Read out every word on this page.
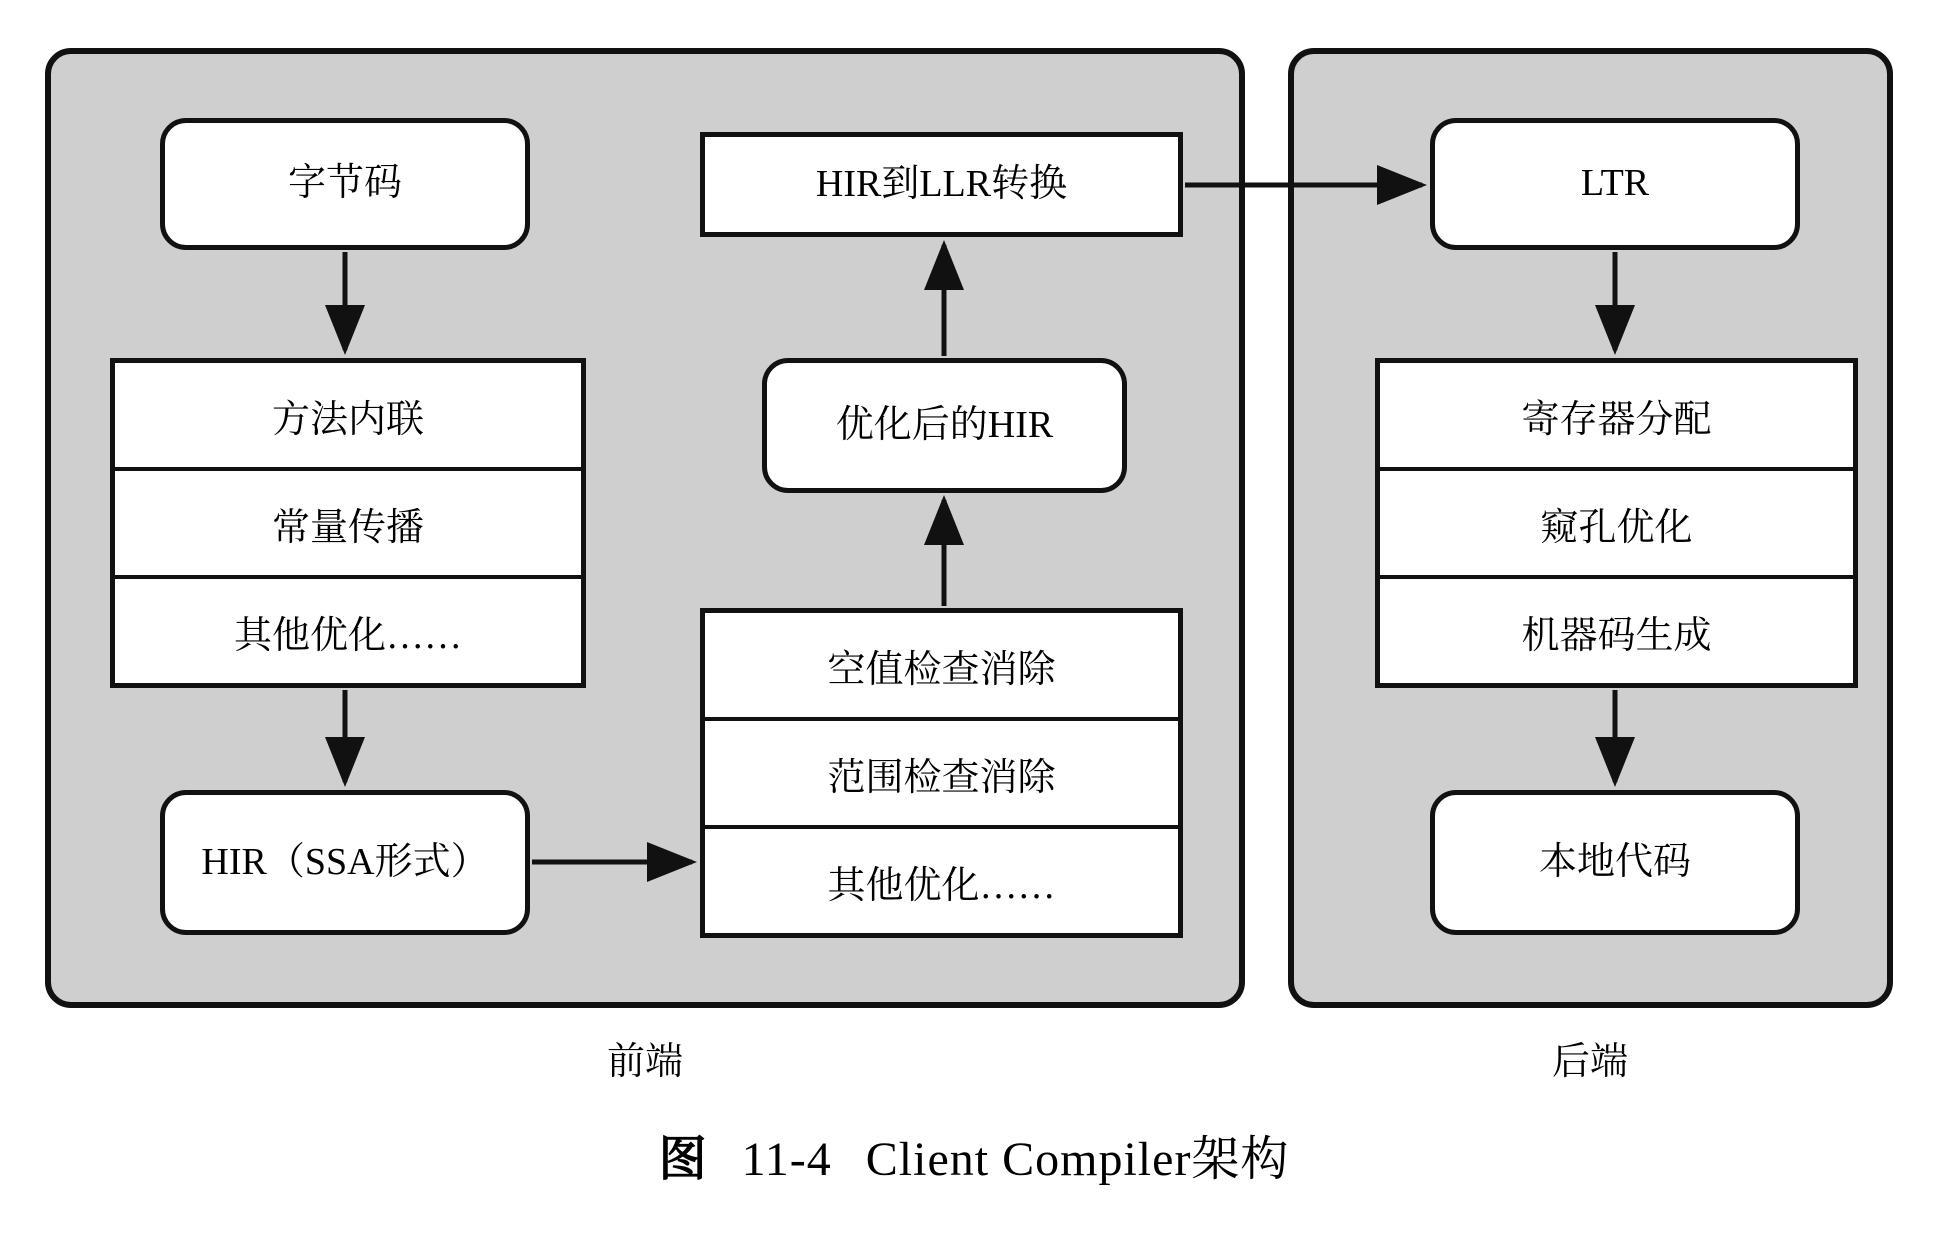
字节码
方法内联
常量传播
其他优化……
HIR（SSA形式）
HIR到LLR转换
优化后的HIR
空值检查消除
范围检查消除
其他优化……
LTR
寄存器分配
窥孔优化
机器码生成
本地代码
前端	后端
图 11-4 Client Compiler架构
